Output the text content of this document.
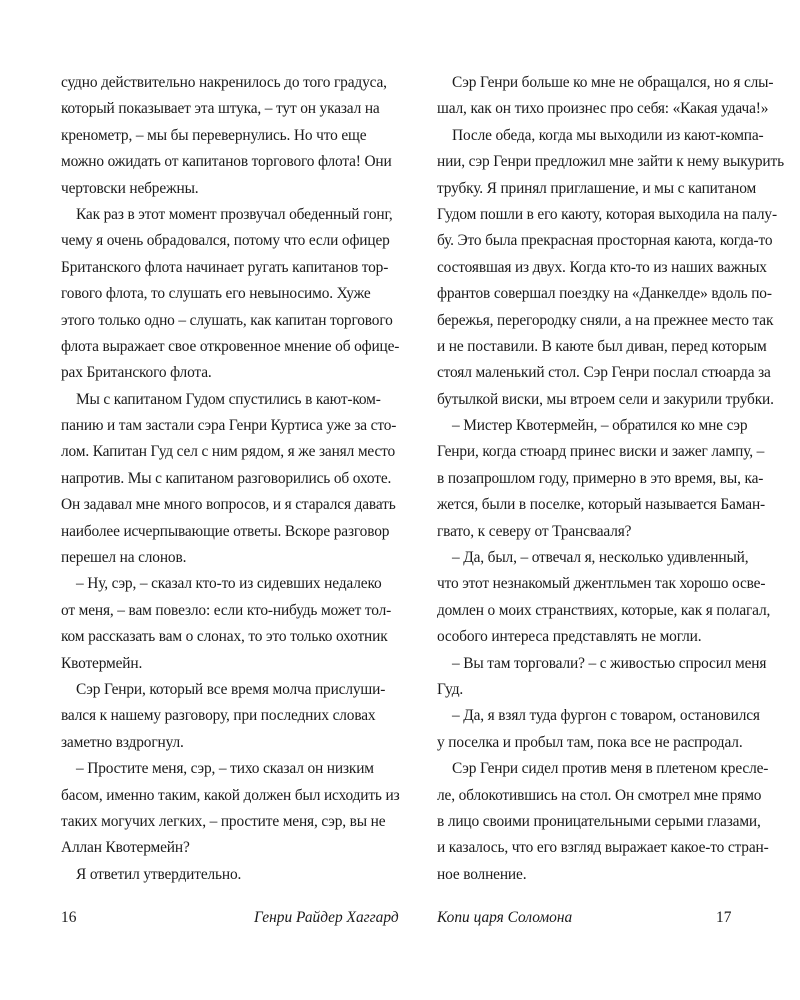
судно действительно накренилось до того градуса,
который показывает эта штука, – тут он указал на
кренометр, – мы бы перевернулись. Но что еще
можно ожидать от капитанов торгового флота! Они
чертовски небрежны.
Как раз в этот момент прозвучал обеденный гонг,
чему я очень обрадовался, потому что если офицер
Британского флота начинает ругать капитанов тор-
гового флота, то слушать его невыносимо. Хуже
этого только одно – слушать, как капитан торгового
флота выражает свое откровенное мнение об офице-
рах Британского флота.
Мы с капитаном Гудом спустились в кают-ком-
панию и там застали сэра Генри Куртиса уже за сто-
лом. Капитан Гуд сел с ним рядом, я же занял место
напротив. Мы с капитаном разговорились об охоте.
Он задавал мне много вопросов, и я старался давать
наиболее исчерпывающие ответы. Вскоре разговор
перешел на слонов.
– Ну, сэр, – сказал кто-то из сидевших недалеко
от меня, – вам повезло: если кто-нибудь может тол-
ком рассказать вам о слонах, то это только охотник
Квотермейн.
Сэр Генри, который все время молча прислуши-
вался к нашему разговору, при последних словах
заметно вздрогнул.
– Простите меня, сэр, – тихо сказал он низким
басом, именно таким, какой должен был исходить из
таких могучих легких, – простите меня, сэр, вы не
Аллан Квотермейн?
Я ответил утвердительно.
Сэр Генри больше ко мне не обращался, но я слы-
шал, как он тихо произнес про себя: «Какая удача!»
После обеда, когда мы выходили из кают-компа-
нии, сэр Генри предложил мне зайти к нему выкурить
трубку. Я принял приглашение, и мы с капитаном
Гудом пошли в его каюту, которая выходила на палу-
бу. Это была прекрасная просторная каюта, когда-то
состоявшая из двух. Когда кто-то из наших важных
франтов совершал поездку на «Данкелде» вдоль по-
бережья, перегородку сняли, а на прежнее место так
и не поставили. В каюте был диван, перед которым
стоял маленький стол. Сэр Генри послал стюарда за
бутылкой виски, мы втроем сели и закурили трубки.
– Мистер Квотермейн, – обратился ко мне сэр
Генри, когда стюард принес виски и зажег лампу, –
в позапрошлом году, примерно в это время, вы, ка-
жется, были в поселке, который называется Баман-
гвато, к северу от Трансвааля?
– Да, был, – отвечал я, несколько удивленный,
что этот незнакомый джентльмен так хорошо осве-
домлен о моих странствиях, которые, как я полагал,
особого интереса представлять не могли.
– Вы там торговали? – с живостью спросил меня
Гуд.
– Да, я взял туда фургон с товаром, остановился
у поселка и пробыл там, пока все не распродал.
Сэр Генри сидел против меня в плетеном кресле-
ле, облокотившись на стол. Он смотрел мне прямо
в лицо своими проницательными серыми глазами,
и казалось, что его взгляд выражает какое-то стран-
ное волнение.
16	Генри Райдер Хаггард Копи царя Соломона	17
